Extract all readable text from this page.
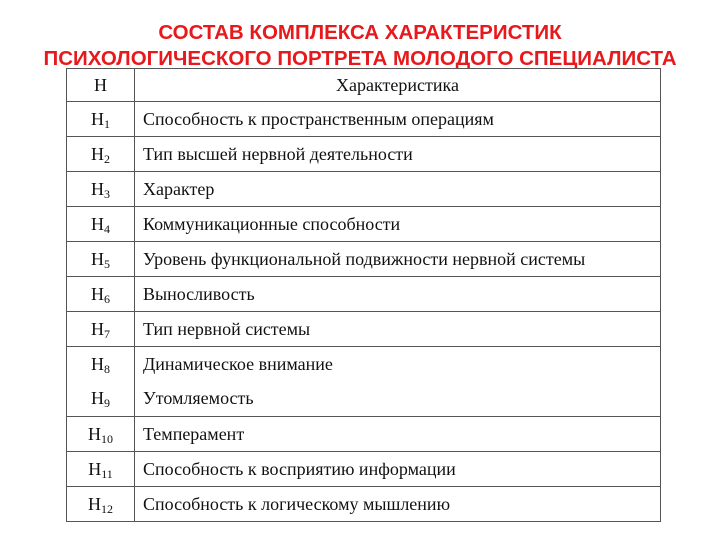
СОСТАВ КОМПЛЕКСА ХАРАКТЕРИСТИК
ПСИХОЛОГИЧЕСКОГО ПОРТРЕТА МОЛОДОГО СПЕЦИАЛИСТА
Н	Характеристика
$Н_1$	Способность к пространственным операциям
$Н_2$	Тип высшей нервной деятельности
$Н_3$	Характер
$Н_4$	Коммуникационные способности
$Н_5$	Уровень функциональной подвижности нервной системы
$Н_6$	Выносливость
$Н_7$	Тип нервной системы
$Н_8$	Динамическое внимание
$Н_9$	Утомляемость
$Н_{10}$	Темперамент
$Н_{11}$	Способность к восприятию информации
$Н_{12}$	Способность к логическому мышлению
